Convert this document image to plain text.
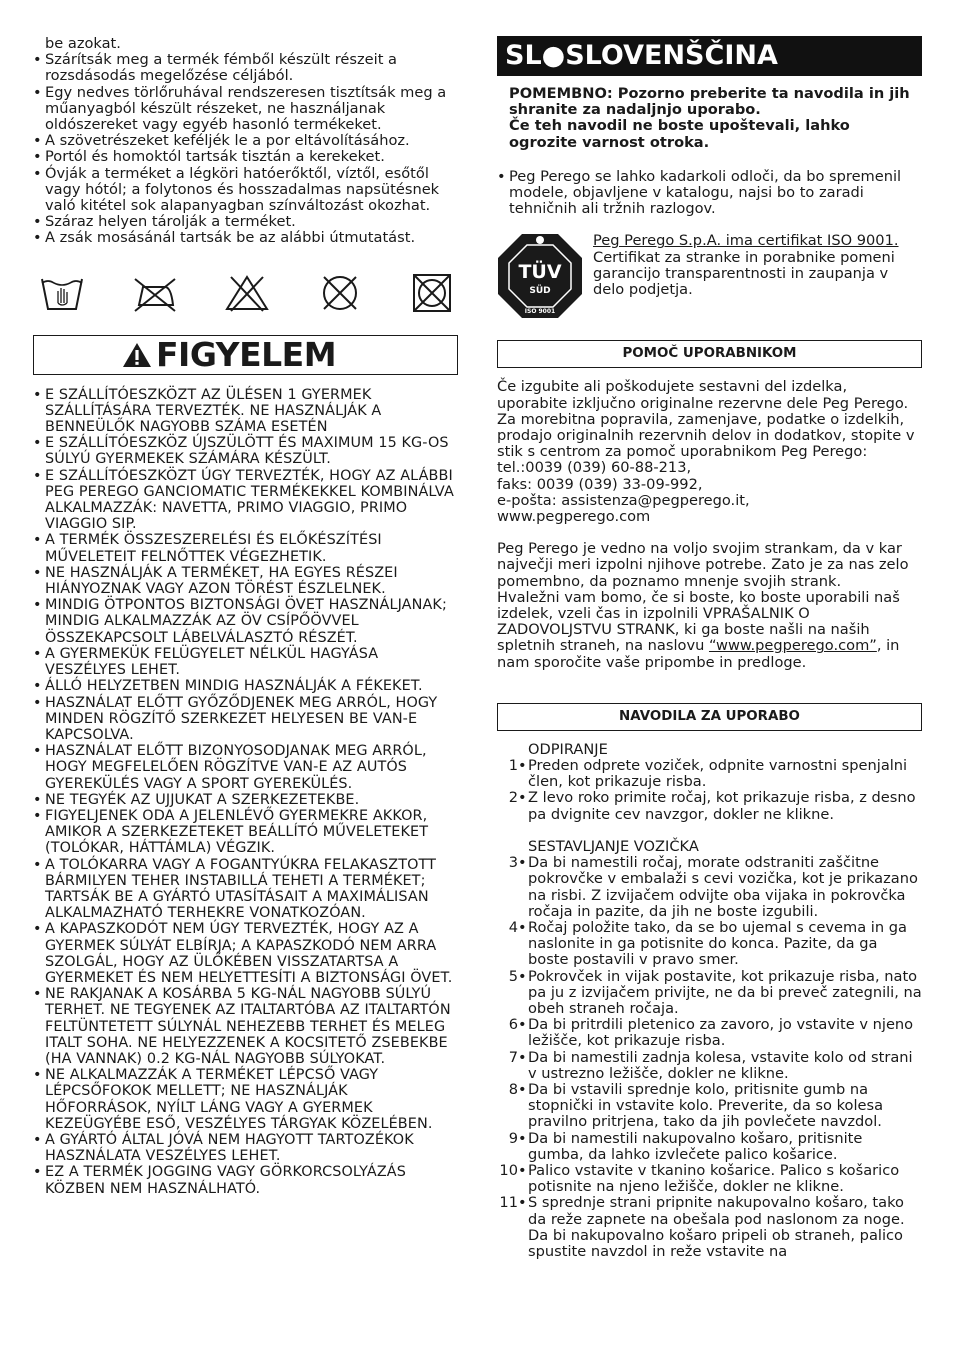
be azokat.
• Szárítsák meg a termék fémből készült részeit a rozsdásodás megelőzése céljából.
• Egy nedves törlőruhával rendszeresen tisztítsák meg a műanyagból készült részeket, ne használjanak oldószereket vagy egyéb hasonló termékeket.
• A szövetrészeket keféljék le a por eltávolításához.
• Portól és homoktól tartsák tisztán a kerekeket.
• Óvják a terméket a légköri hatóerőktől, víztől, esőtől vagy hótól; a folytonos és hosszadalmas napsütésnek való kitétel sok alapanyagban színváltozást okozhat.
• Száraz helyen tárolják a terméket.
• A zsák mosásánál tartsák be az alábbi útmutatást.
FIGYELEM
• E SZÁLLÍTÓESZKÖZT AZ ÜLÉSEN 1 GYERMEK SZÁLLÍTÁSÁRA TERVEZTÉK. NE HASZNÁLJÁK A BENNEÜLŐK NAGYOBB SZÁMA ESETÉN
• E SZÁLLÍTÓESZKÖZ ÚJSZÜLÖTT ÉS MAXIMUM 15 KG-OS SÚLYÚ GYERMEKEK SZÁMÁRA KÉSZÜLT.
• E SZÁLLÍTÓESZKÖZT ÚGY TERVEZTÉK, HOGY AZ ALÁBBI PEG PEREGO GANCIOMATIC TERMÉKEKKEL KOMBINÁLVA ALKALMAZZÁK: NAVETTA, PRIMO VIAGGIO, PRIMO VIAGGIO SIP.
• A TERMÉK ÖSSZESZERELÉSI ÉS ELŐKÉSZÍTÉSI MŰVELETEIT FELNŐTTEK VÉGEZHETIK.
• NE HASZNÁLJÁK A TERMÉKET, HA EGYES RÉSZEI HIÁNYOZNAK VAGY AZON TÖRÉST ÉSZLELNEK.
• MINDIG ÖTPONTOS BIZTONSÁGI ÖVET HASZNÁLJANAK; MINDIG ALKALMAZZÁK AZ ÖV CSÍPŐÖVVEL ÖSSZEKAPCSOLT LÁBELVÁLASZTÓ RÉSZÉT.
• A GYERMEKÜK FELÜGYELET NÉLKÜL HAGYÁSA VESZÉLYES LEHET.
• ÁLLÓ HELYZETBEN MINDIG HASZNÁLJÁK A FÉKEKET.
• HASZNÁLAT ELŐTT GYŐZŐDJENEK MEG ARRÓL, HOGY MINDEN RÖGZÍTŐ SZERKEZET HELYESEN BE VAN-E KAPCSOLVA.
• HASZNÁLAT ELŐTT BIZONYOSODJANAK MEG ARRÓL, HOGY MEGFELELŐEN RÖGZÍTVE VAN-E AZ AUTÓS GYEREKÜLÉS VAGY A SPORT GYEREKÜLÉS.
• NE TEGYÉK AZ UJJUKAT A SZERKEZETEKBE.
• FIGYELJENEK ODA A JELENLÉVŐ GYERMEKRE AKKOR, AMIKOR A SZERKEZETEKET BEÁLLÍTÓ MŰVELETEKET (TOLÓKAR, HÁTTÁMLA) VÉGZIK.
• A TOLÓKARRA VAGY A FOGANTYÚKRA FELAKASZTOTT BÁRMILYEN TEHER INSTABILLÁ TEHETI A TERMÉKET; TARTSÁK BE A GYÁRTÓ UTASÍTÁSAIT A MAXIMÁLISAN ALKALMAZHATÓ TERHEKRE VONATKOZÓAN.
• A KAPASZKODÓT NEM ÚGY TERVEZTÉK, HOGY AZ A GYERMEK SÚLYÁT ELBÍRJA; A KAPASZKODÓ NEM ARRA SZOLGÁL, HOGY AZ ÜLŐKÉBEN VISSZATARTSA A GYERMEKET ÉS NEM HELYETTESÍTI A BIZTONSÁGI ÖVET.
• NE RAKJANAK A KOSÁRBA 5 KG-NÁL NAGYOBB SÚLYÚ TERHET. NE TEGYENEK AZ ITALTARTÓBA AZ ITALTARTÓN FELTÜNTETETT SÚLYNÁL NEHEZEBB TERHET ÉS MELEG ITALT SOHA. NE HELYEZZENEK A KOCSITETŐ ZSEBEKBE (HA VANNAK) 0.2 KG-NÁL NAGYOBB SÚLYOKAT.
• NE ALKALMAZZÁK A TERMÉKET LÉPCSŐ VAGY LÉPCSŐFOKOK MELLETT; NE HASZNÁLJÁK HŐFORRÁSOK, NYÍLT LÁNG VAGY A GYERMEK KEZEÜGYÉBE ESŐ, VESZÉLYES TÁRGYAK KÖZELÉBEN.
• A GYÁRTÓ ÁLTAL JÓVÁ NEM HAGYOTT TARTOZÉKOK HASZNÁLATA VESZÉLYES LEHET.
• EZ A TERMÉK JOGGING VAGY GÖRKORCSOLYÁZÁS KÖZBEN NEM HASZNÁLHATÓ.
SL●SLOVENŠČINA
POMEMBNO: Pozorno preberite ta navodila in jih shranite za nadaljnjo uporabo.
Če teh navodil ne boste upoštevali, lahko ogrozite varnost otroka.
• Peg Perego se lahko kadarkoli odloči, da bo spremenil modele, objavljene v katalogu, najsi bo to zaradi tehničnih ali tržnih razlogov.
TÜV
SÜD
ISO 9001
Peg Perego S.p.A. ima certifikat ISO 9001. Certifikat za stranke in porabnike pomeni garancijo transparentnosti in zaupanja v delo podjetja.
POMOČ UPORABNIKOM
Če izgubite ali poškodujete sestavni del izdelka, uporabite izključno originalne rezervne dele Peg Perego. Za morebitna popravila, zamenjave, podatke o izdelkih, prodajo originalnih rezervnih delov in dodatkov, stopite v stik s centrom za pomoč uporabnikom Peg Perego:
tel.:0039 (039) 60-88-213,
faks: 0039 (039) 33-09-992,
e-pošta: assistenza@pegperego.it,
www.pegperego.com
Peg Perego je vedno na voljo svojim strankam, da v kar največji meri izpolni njihove potrebe. Zato je za nas zelo pomembno, da poznamo mnenje svojih strank.
Hvaležni vam bomo, če si boste, ko boste uporabili naš izdelek, vzeli čas in izpolnili VPRAŠALNIK O ZADOVOLJSTVU STRANK, ki ga boste našli na naših spletnih straneh, na naslovu “www.pegperego.com”, in nam sporočite vaše pripombe in predloge.
NAVODILA ZA UPORABO
ODPIRANJE
1 • Preden odprete voziček, odpnite varnostni spenjalni člen, kot prikazuje risba.
2 • Z levo roko primite ročaj, kot prikazuje risba, z desno pa dvignite cev navzgor, dokler ne klikne.
SESTAVLJANJE VOZIČKA
3 • Da bi namestili ročaj, morate odstraniti zaščitne pokrovčke v embalaži s cevi vozička, kot je prikazano na risbi. Z izvijačem odvijte oba vijaka in pokrovčka ročaja in pazite, da jih ne boste izgubili.
4 • Ročaj položite tako, da se bo ujemal s cevema in ga naslonite in ga potisnite do konca. Pazite, da ga boste postavili v pravo smer.
5 • Pokrovček in vijak postavite, kot prikazuje risba, nato pa ju z izvijačem privijte, ne da bi preveč zategnili, na obeh straneh ročaja.
6 • Da bi pritrdili pletenico za zavoro, jo vstavite v njeno ležišče, kot prikazuje risba.
7 • Da bi namestili zadnja kolesa, vstavite kolo od strani v ustrezno ležišče, dokler ne klikne.
8 • Da bi vstavili sprednje kolo, pritisnite gumb na stopnički in vstavite kolo. Preverite, da so kolesa pravilno pritrjena, tako da jih povlečete navzdol.
9 • Da bi namestili nakupovalno košaro, pritisnite gumba, da lahko izvlečete palico košarice.
10 • Palico vstavite v tkanino košarice. Palico s košarico potisnite na njeno ležišče, dokler ne klikne.
11 • S sprednje strani pripnite nakupovalno košaro, tako da reže zapnete na obešala pod naslonom za noge. Da bi nakupovalno košaro pripeli ob straneh, palico spustite navzdol in reže vstavite na
